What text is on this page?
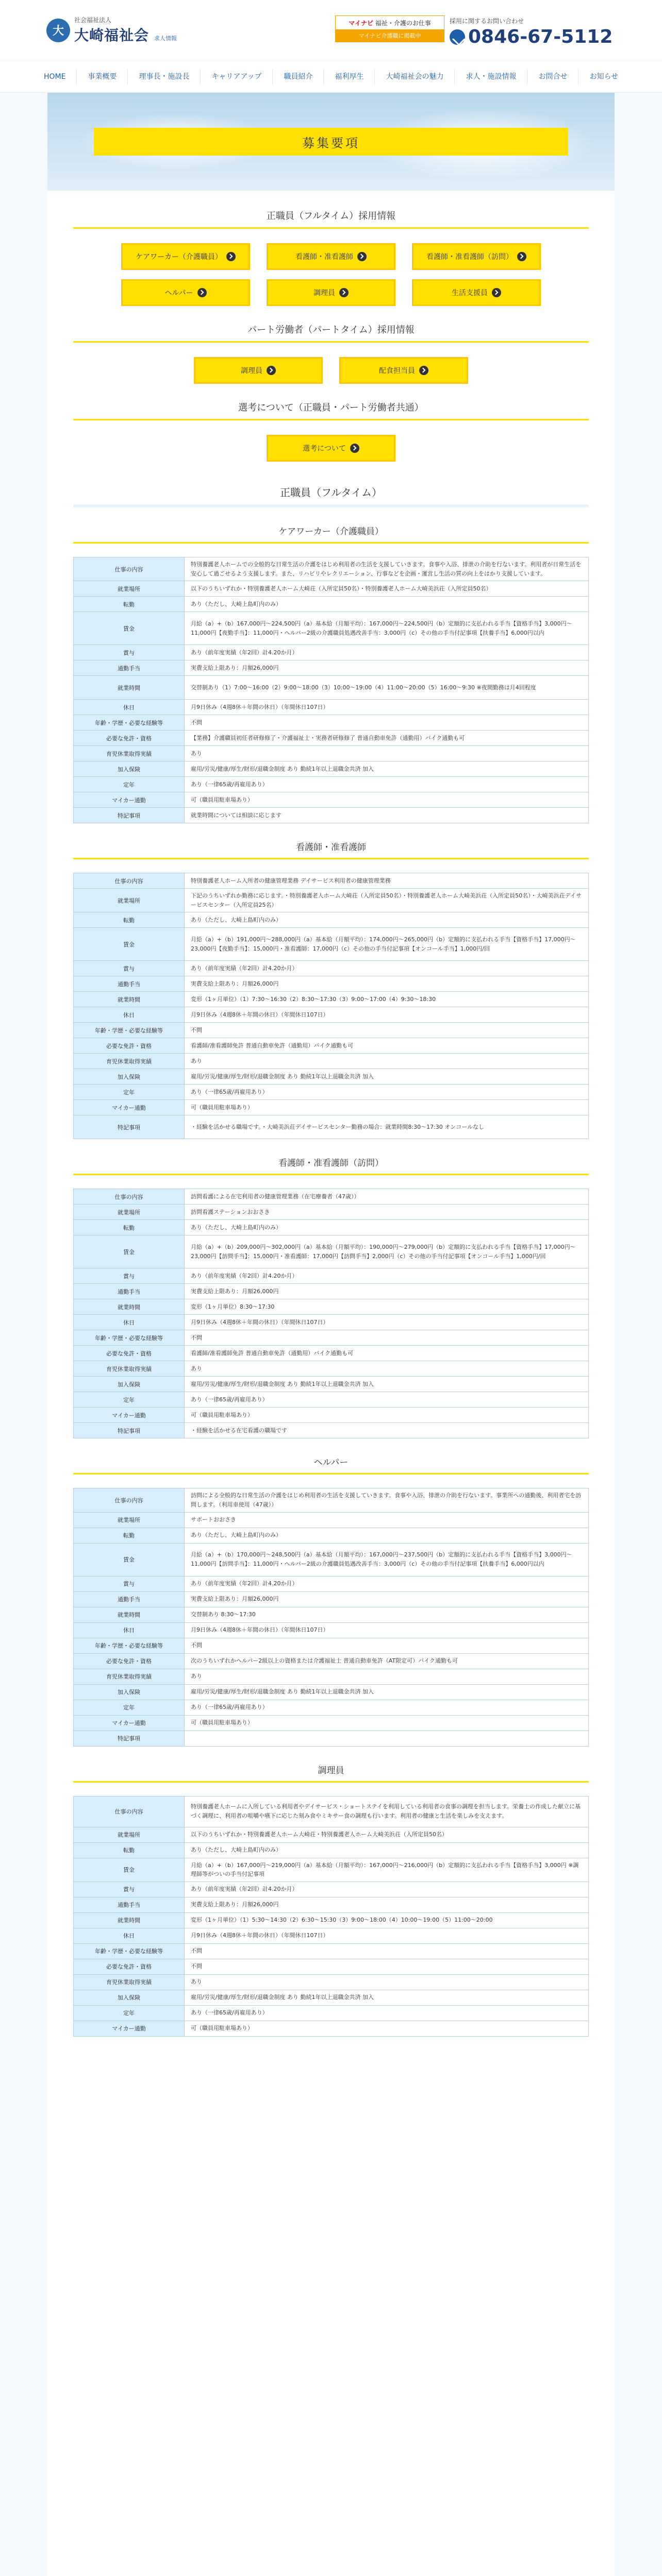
大
社会福祉法人
大崎福祉会 求人情報
マイナビ 福祉・介護のお仕事
マイナビ介護職に掲載中
採用に関するお問い合わせ
0846-67-5112
HOME	事業概要	理事長・施設長	キャリアアップ	職員紹介	福利厚生	大崎福祉会の魅力	求人・施設情報	お問合せ	お知らせ
募集要項
正職員（フルタイム）採用情報
ケアワーカー（介護職員）	看護師・准看護師	看護師・准看護師（訪問）
ヘルパー	調理員	生活支援員
パート労働者（パートタイム）採用情報
調理員	配食担当員
選考について（正職員・パート労働者共通）
選考について
正職員（フルタイム）
ケアワーカー（介護職員）
仕事の内容	特別養護老人ホームでの全般的な日常生活の介護をはじめ利用者の生活を支援していきます。食事や入浴、排泄の介助を行ないます。利用者が日常生活を安心して過ごせるよう支援します。また、リハビリやレクリエーション、行事などを企画・運営し生活の質の向上をはかり支援しています。
就業場所	以下のうちいずれか・特別養護老人ホーム大崎荘（入所定員50名）・特別養護老人ホーム大崎美浜荘（入所定員50名）
転勤	あり（ただし、大崎上島町内のみ）
賃金	月給（a）+（b）167,000円〜224,500円（a）基本給（月額平均）：167,000円〜224,500円（b）定額的に支払われる手当【資格手当】3,000円〜11,000円【夜勤手当】：11,000円・ヘルパー2級の介護職員処遇改善手当：3,000円（c）その他の手当付記事項【扶養手当】6,000円以内
賞与	あり（前年度実績（年2回）計4.20か月）
通勤手当	実費支給上限あり：月額26,000円
就業時間	交替制あり（1）7:00〜16:00（2）9:00〜18:00（3）10:00〜19:00（4）11:00〜20:00（5）16:00〜9:30 ※夜間勤務は月4回程度
休日	月9日休み（4週8休＋年間の休日）（年間休日107日）
年齢・学歴・必要な経験等	不問
必要な免許・資格	【業務】介護職員初任者研修修了・介護福祉士・実務者研修修了 普通自動車免許（通勤用）バイク通勤も可
育児休業取得実績	あり
加入保険	雇用/労災/健康/厚生/財形/退職金制度 あり 勤続1年以上退職金共済 加入
定年	あり（一律65歳/再雇用あり）
マイカー通勤	可（職員用駐車場あり）
特記事項	就業時間については相談に応じます
看護師・准看護師
仕事の内容	特別養護老人ホーム入所者の健康管理業務 デイサービス利用者の健康管理業務
就業場所	下記のうちいずれか勤務に応じます。・特別養護老人ホーム大崎荘（入所定員50名）・特別養護老人ホーム大崎美浜荘（入所定員50名）・大崎美浜荘デイサービスセンター（入所定員25名）
転勤	あり（ただし、大崎上島町内のみ）
賃金	月給（a）+（b）191,000円〜288,000円（a）基本給（月額平均）：174,000円〜265,000円（b）定額的に支払われる手当【資格手当】17,000円〜23,000円【夜勤手当】：15,000円・准看護師：17,000円（c）その他の手当付記事項【オンコール手当】1,000円/回
賞与	あり（前年度実績（年2回）計4.20か月）
通勤手当	実費支給上限あり：月額26,000円
就業時間	変形（1ヶ月単位）（1）7:30〜16:30（2）8:30〜17:30（3）9:00〜17:00（4）9:30〜18:30
休日	月9日休み（4週8休＋年間の休日）（年間休日107日）
年齢・学歴・必要な経験等	不問
必要な免許・資格	看護師/准看護師免許 普通自動車免許（通勤用）バイク通勤も可
育児休業取得実績	あり
加入保険	雇用/労災/健康/厚生/財形/退職金制度 あり 勤続1年以上退職金共済 加入
定年	あり（一律65歳/再雇用あり）
マイカー通勤	可（職員用駐車場あり）
特記事項	・経験を活かせる職場です。・大崎美浜荘デイサービスセンター勤務の場合：就業時間8:30〜17:30 オンコールなし
看護師・准看護師（訪問）
仕事の内容	訪問看護による在宅利用者の健康管理業務（在宅療養者（47歳））
就業場所	訪問看護ステーションおおさき
転勤	あり（ただし、大崎上島町内のみ）
賃金	月給（a）+（b）209,000円〜302,000円（a）基本給（月額平均）：190,000円〜279,000円（b）定額的に支払われる手当【資格手当】17,000円〜23,000円【訪問手当】：15,000円・准看護師：17,000円【訪問手当】2,000円（c）その他の手当付記事項【オンコール手当】1,000円/回
賞与	あり（前年度実績（年2回）計4.20か月）
通勤手当	実費支給上限あり：月額26,000円
就業時間	変形（1ヶ月単位）8:30〜17:30
休日	月9日休み（4週8休＋年間の休日）（年間休日107日）
年齢・学歴・必要な経験等	不問
必要な免許・資格	看護師/准看護師免許 普通自動車免許（通勤用）バイク通勤も可
育児休業取得実績	あり
加入保険	雇用/労災/健康/厚生/財形/退職金制度 あり 勤続1年以上退職金共済 加入
定年	あり（一律65歳/再雇用あり）
マイカー通勤	可（職員用駐車場あり）
特記事項	・経験を活かせる在宅看護の職場です
ヘルパー
仕事の内容	訪問による全般的な日常生活の介護をはじめ利用者の生活を支援していきます。食事や入浴、排泄の介助を行ないます。事業所への通勤後、利用者宅を訪問します。（利用車使用（47歳））
就業場所	サポートおおさき
転勤	あり（ただし、大崎上島町内のみ）
賃金	月給（a）+（b）170,000円〜248,500円（a）基本給（月額平均）：167,000円〜237,500円（b）定額的に支払われる手当【資格手当】3,000円〜11,000円【訪問手当】：11,000円・ヘルパー2級の介護職員処遇改善手当：3,000円（c）その他の手当付記事項【扶養手当】6,000円以内
賞与	あり（前年度実績（年2回）計4.20か月）
通勤手当	実費支給上限あり：月額26,000円
就業時間	交替制あり 8:30〜17:30
休日	月9日休み（4週8休＋年間の休日）（年間休日107日）
年齢・学歴・必要な経験等	不問
必要な免許・資格	次のうちいずれかヘルパー2級以上の資格または介護福祉士 普通自動車免許（AT限定可）バイク通勤も可
育児休業取得実績	あり
加入保険	雇用/労災/健康/厚生/財形/退職金制度 あり 勤続1年以上退職金共済 加入
定年	あり（一律65歳/再雇用あり）
マイカー通勤	可（職員用駐車場あり）
特記事項	
調理員
仕事の内容	特別養護老人ホームに入所している利用者やデイサービス・ショートステイを利用している利用者の食事の調理を担当します。栄養士の作成した献立に基づく調理に、利用者の咀嚼や嚥下に応じた刻み食やミキサー食の調理も行います。利用者の健康と生活を楽しみを支えます。
就業場所	以下のうちいずれか・特別養護老人ホーム大崎荘・特別養護老人ホーム大崎美浜荘（入所定員50名）
転勤	あり（ただし、大崎上島町内のみ）
賃金	月給（a）+（b）167,000円〜219,000円（a）基本給（月額平均）：167,000円〜216,000円（b）定額的に支払われる手当【資格手当】3,000円 ※調理師等がついの手当付記事項
賞与	あり（前年度実績（年2回）計4.20か月）
通勤手当	実費支給上限あり：月額26,000円
就業時間	変形（1ヶ月単位）（1）5:30〜14:30（2）6:30〜15:30（3）9:00〜18:00（4）10:00〜19:00（5）11:00〜20:00
休日	月9日休み（4週8休＋年間の休日）（年間休日107日）
年齢・学歴・必要な経験等	不問
必要な免許・資格	不問
育児休業取得実績	あり
加入保険	雇用/労災/健康/厚生/財形/退職金制度 あり 勤続1年以上退職金共済 加入
定年	あり（一律65歳/再雇用あり）
マイカー通勤	可（職員用駐車場あり）
